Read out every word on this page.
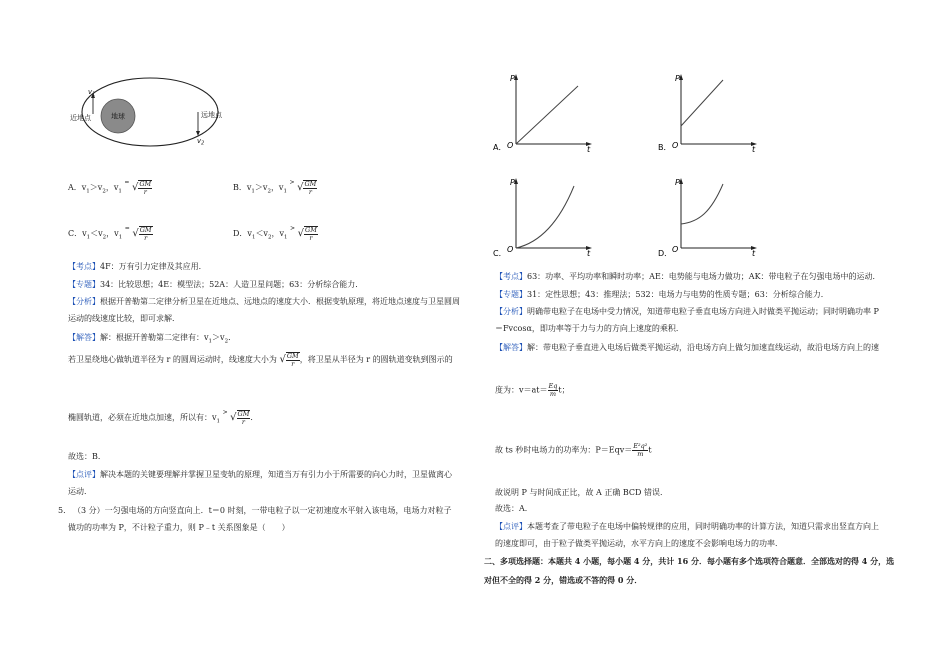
地球
$v_1$
近地点
$v_2$
远地点
A．$v_1>v_2$，$v_1$ = √ $\frac{GM}{r}$	B．$v_1>v_2$，$v_1$ > √ $\frac{GM}{r}$
C．$v_1<v_2$，$v_1$ = √ $\frac{GM}{r}$	D．$v_1<v_2$，$v_1$ > √ $\frac{GM}{r}$
【考点】4F：万有引力定律及其应用．
【专题】34：比较思想；4E：模型法；52A：人造卫星问题；63：分析综合能力．
【分析】根据开普勒第二定律分析卫星在近地点、远地点的速度大小．根据变轨原理，将近地点速度与卫星圆周
运动的线速度比较，即可求解．
【解答】解：根据开普勒第二定律有：$v_1>v_2$．
若卫星绕地心做轨道半径为 r 的圆周运动时，线速度大小为 √ $\frac{GM}{r}$ ，将卫星从半径为 r 的圆轨道变轨到图示的
椭圆轨道，必须在近地点加速，所以有：$v_1$ > √ $\frac{GM}{r}$ ．
故选：B．
【点评】解决本题的关键要理解并掌握卫星变轨的原理，知道当万有引力小于所需要的向心力时，卫星做离心
运动．
5． （3 分）一匀强电场的方向竖直向上．t＝0 时刻，一带电粒子以一定初速度水平射入该电场，电场力对粒子
做功的功率为 P，不计粒子重力，则 P﹣t 关系图象是（　　）
P
t
O
A．
P
t
O
B．
P
t
O
C．
P
t
O
D．
【考点】63：功率、平均功率和瞬时功率；AE：电势能与电场力做功；AK：带电粒子在匀强电场中的运动．
【专题】31：定性思想；43：推理法；532：电场力与电势的性质专题；63：分析综合能力．
【分析】明确带电粒子在电场中受力情况，知道带电粒子垂直电场方向进入时做类平抛运动；同时明确功率 P
＝Fvcosα，即功率等于力与力的方向上速度的乘积．
【解答】解：带电粒子垂直进入电场后做类平抛运动，沿电场方向上做匀加速直线运动，故沿电场方向上的速
度为：$v=at= \frac{Eq}{m}$ t；
故 ts 秒时电场力的功率为：$P=Eqv= \frac{\text{E²q²}}{m}$ t
故说明 P 与时间成正比，故 A 正确 BCD 错误．
故选：A．
【点评】本题考查了带电粒子在电场中偏转规律的应用，同时明确功率的计算方法，知道只需求出竖直方向上
的速度即可，由于粒子做类平抛运动，水平方向上的速度不会影响电场力的功率．
二、多项选择题：本题共 4 小题，每小题 4 分，共计 16 分．每小题有多个选项符合题意．全部选对的得 4 分，选
对但不全的得 2 分，错选或不答的得 0 分．
